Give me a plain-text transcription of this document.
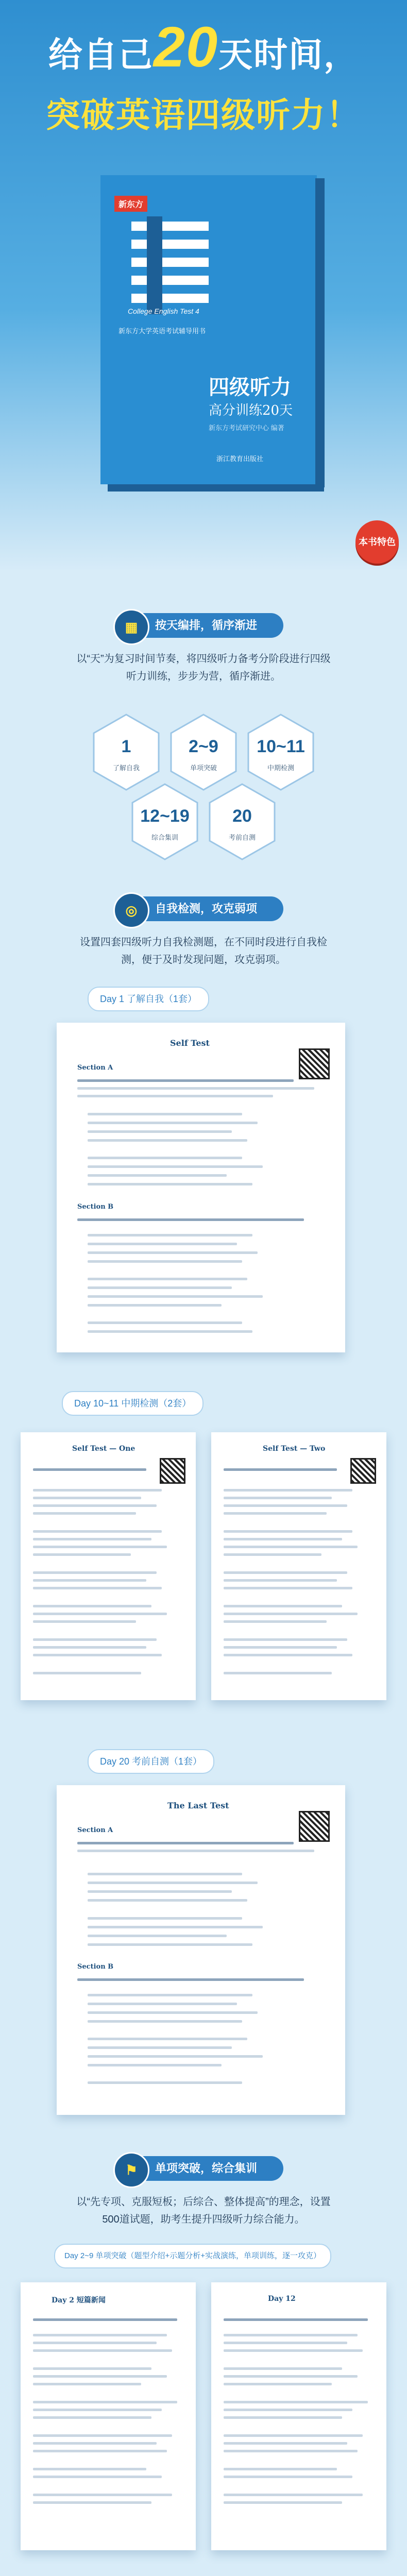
给自己20天时间，
突破英语四级听力！
新东方
College English Test 4
新东方大学英语考试辅导用书
四级听力
高分训练20天
新东方考试研究中心 编著
浙江教育出版社
本书特色
▦	按天编排，循序渐进
以“天”为复习时间节奏，将四级听力备考分阶段进行四级听力训练，步步为营，循序渐进。
1
了解自我
2~9
单项突破
10~11
中期检测
12~19
综合集训
20
考前自测
◎	自我检测，攻克弱项
设置四套四级听力自我检测题，在不同时段进行自我检测，便于及时发现问题，攻克弱项。
Day 1 了解自我（1套）
Self Test
Section A
Section B
Day 10~11 中期检测（2套）
Self Test — One	Self Test — Two
Day 20 考前自测（1套）
The Last Test
Section A
Section B
⚑	单项突破，综合集训
以“先专项、克服短板；后综合、整体提高”的理念，设置500道试题，助考生提升四级听力综合能力。
Day 2~9 单项突破（题型介绍+示题分析+实战演练，单项训练，逐一攻克）
Day 2 短篇新闻	Day 12
